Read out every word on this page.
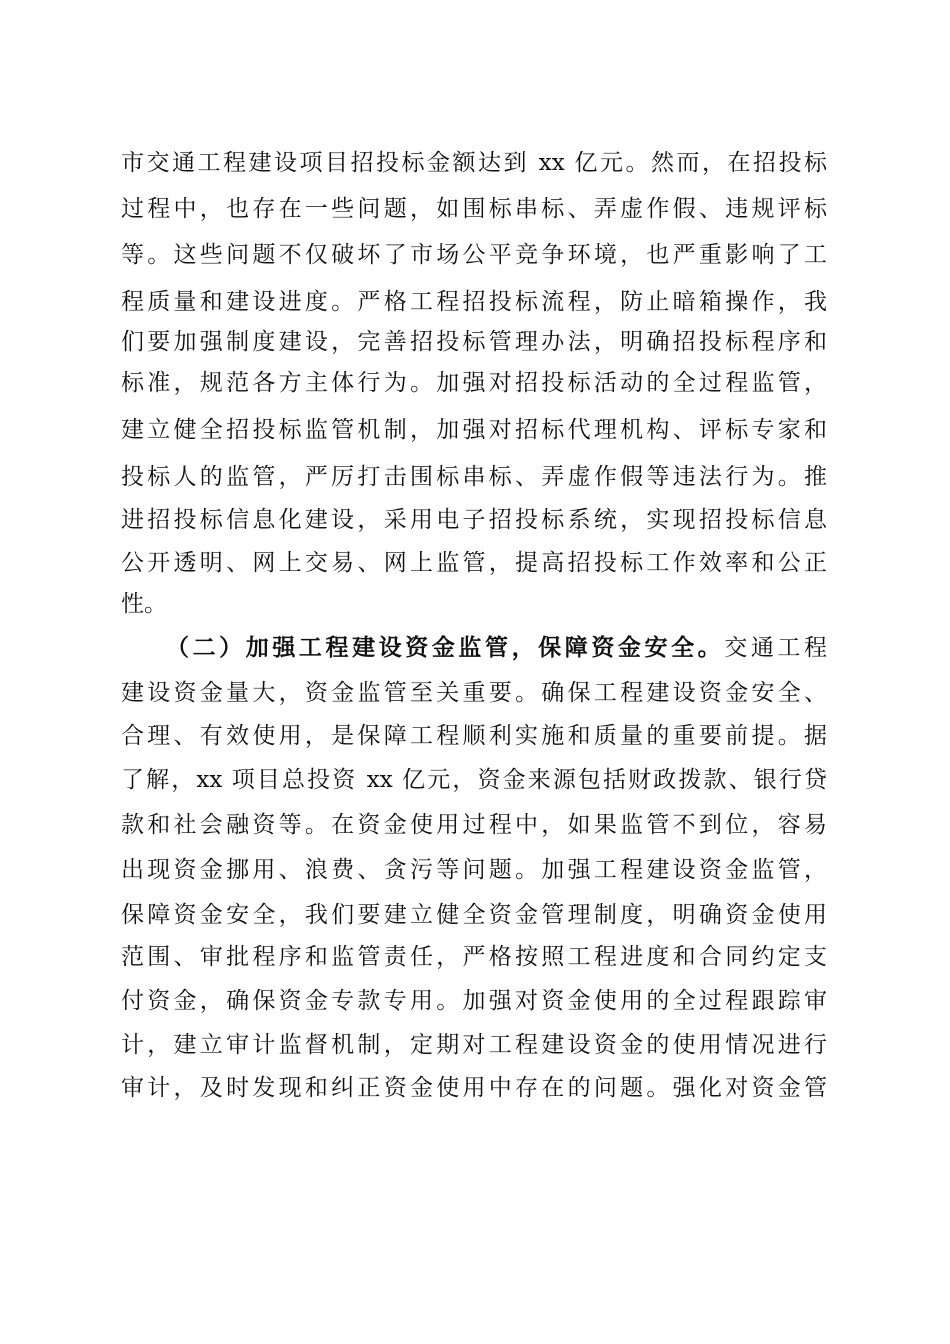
市交通工程建设项目招投标金额达到 xx 亿元。然而，在招投标
过程中，也存在一些问题，如围标串标、弄虚作假、违规评标
等。这些问题不仅破坏了市场公平竞争环境，也严重影响了工
程质量和建设进度。严格工程招投标流程，防止暗箱操作，我
们要加强制度建设，完善招投标管理办法，明确招投标程序和
标准，规范各方主体行为。加强对招投标活动的全过程监管，
建立健全招投标监管机制，加强对招标代理机构、评标专家和
投标人的监管，严厉打击围标串标、弄虚作假等违法行为。推
进招投标信息化建设，采用电子招投标系统，实现招投标信息
公开透明、网上交易、网上监管，提高招投标工作效率和公正
性。
（二）加强工程建设资金监管，保障资金安全。交通工程
建设资金量大，资金监管至关重要。确保工程建设资金安全、
合理、有效使用，是保障工程顺利实施和质量的重要前提。据
了解，xx 项目总投资 xx 亿元，资金来源包括财政拨款、银行贷
款和社会融资等。在资金使用过程中，如果监管不到位，容易
出现资金挪用、浪费、贪污等问题。加强工程建设资金监管，
保障资金安全，我们要建立健全资金管理制度，明确资金使用
范围、审批程序和监管责任，严格按照工程进度和合同约定支
付资金，确保资金专款专用。加强对资金使用的全过程跟踪审
计，建立审计监督机制，定期对工程建设资金的使用情况进行
审计，及时发现和纠正资金使用中存在的问题。强化对资金管
